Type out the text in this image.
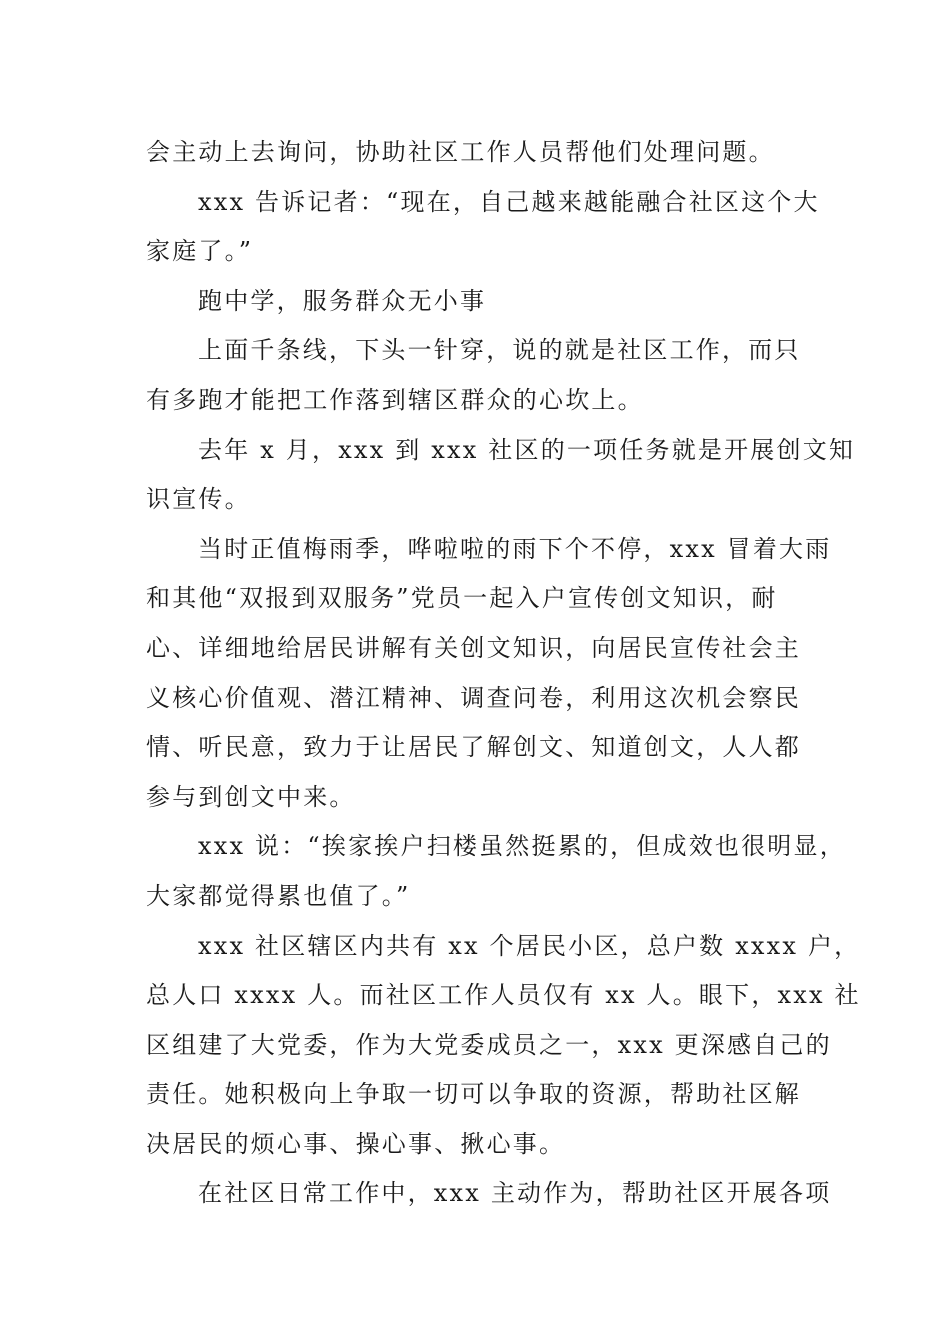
会主动上去询问，协助社区工作人员帮他们处理问题。
xxx 告诉记者：“现在，自己越来越能融合社区这个大
家庭了。”
跑中学，服务群众无小事
上面千条线，下头一针穿，说的就是社区工作，而只
有多跑才能把工作落到辖区群众的心坎上。
去年 x 月，xxx 到 xxx 社区的一项任务就是开展创文知
识宣传。
当时正值梅雨季，哗啦啦的雨下个不停，xxx 冒着大雨
和其他“双报到双服务”党员一起入户宣传创文知识，耐
心、详细地给居民讲解有关创文知识，向居民宣传社会主
义核心价值观、潜江精神、调查问卷，利用这次机会察民
情、听民意，致力于让居民了解创文、知道创文，人人都
参与到创文中来。
xxx 说：“挨家挨户扫楼虽然挺累的，但成效也很明显，
大家都觉得累也值了。”
xxx 社区辖区内共有 xx 个居民小区，总户数 xxxx 户，
总人口 xxxx 人。而社区工作人员仅有 xx 人。眼下，xxx 社
区组建了大党委，作为大党委成员之一，xxx 更深感自己的
责任。她积极向上争取一切可以争取的资源，帮助社区解
决居民的烦心事、操心事、揪心事。
在社区日常工作中，xxx 主动作为，帮助社区开展各项
